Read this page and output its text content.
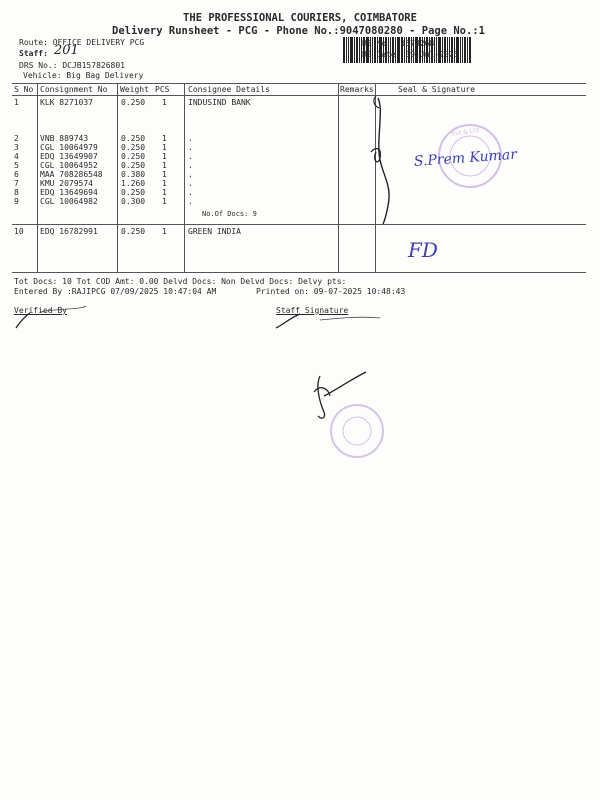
THE PROFESSIONAL COURIERS, COIMBATORE
Delivery Runsheet - PCG - Phone No.:9047080280 - Page No.:1
Route: OFFICE DELIVERY PCG
Staff: 201
DRS No.: DCJB157826801
Vehicle: Big Bag Delivery
RS No.: 1578268
RS Date: 09-Jul-2025
S No Consignment No Weight PCS Consignee Details	Remarks	Seal & Signature
1	KLK 8271037	0.250 1	INDUSIND BANK
2	VNB 889743	0.250 1	.
3	CGL 10064979	0.250 1	.
4	EDQ 13649907	0.250 1	.
5	CGL 10064952	0.250 1	.
6	MAA 708286548 0.380 1	.
7	KMU 2079574	1.260 1	.
8	EDQ 13649694	0.250 1	.
9	CGL 10064982	0.300 1	.
No.Of Docs: 9
10 EDQ 16782991	0.250 1	GREEN INDIA
Tot Docs: 10 Tot COD Amt: 0.00 Delvd Docs: Non Delvd Docs: Delvy pts:
Entered By :RAJIPCG 07/09/2025 10:47:04 AM	Printed on: 09-07-2025 10:48:43
Verified By	Staff Signature
Pvt & Ltd
S.Prem Kumar
FD
